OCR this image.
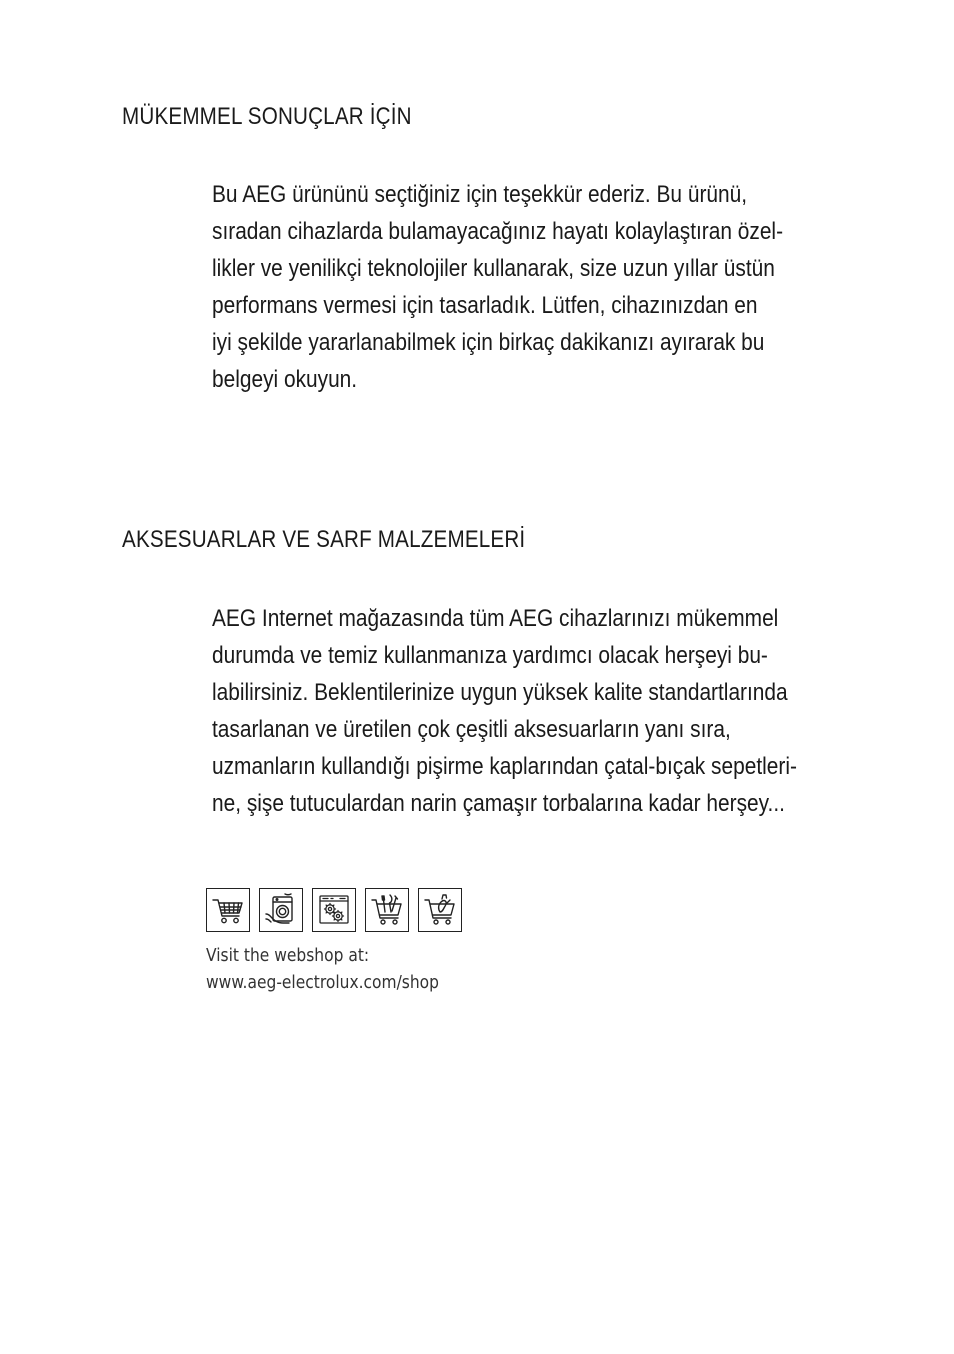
MÜKEMMEL SONUÇLAR İÇİN

Bu AEG ürününü seçtiğiniz için teşekkür ederiz. Bu ürünü,
sıradan cihazlarda bulamayacağınız hayatı kolaylaştıran özel-
likler ve yenilikçi teknolojiler kullanarak, size uzun yıllar üstün
performans vermesi için tasarladık. Lütfen, cihazınızdan en
iyi şekilde yararlanabilmek için birkaç dakikanızı ayırarak bu
belgeyi okuyun.

AKSESUARLAR VE SARF MALZEMELERİ

AEG Internet mağazasında tüm AEG cihazlarınızı mükemmel
durumda ve temiz kullanmanıza yardımcı olacak herşeyi bu-
labilirsiniz. Beklentilerinize uygun yüksek kalite standartlarında
tasarlanan ve üretilen çok çeşitli aksesuarların yanı sıra,
uzmanların kullandığı pişirme kaplarından çatal-bıçak sepetleri-
ne, şişe tutuculardan narin çamaşır torbalarına kadar herşey...

Visit the webshop at:
www.aeg-electrolux.com/shop
